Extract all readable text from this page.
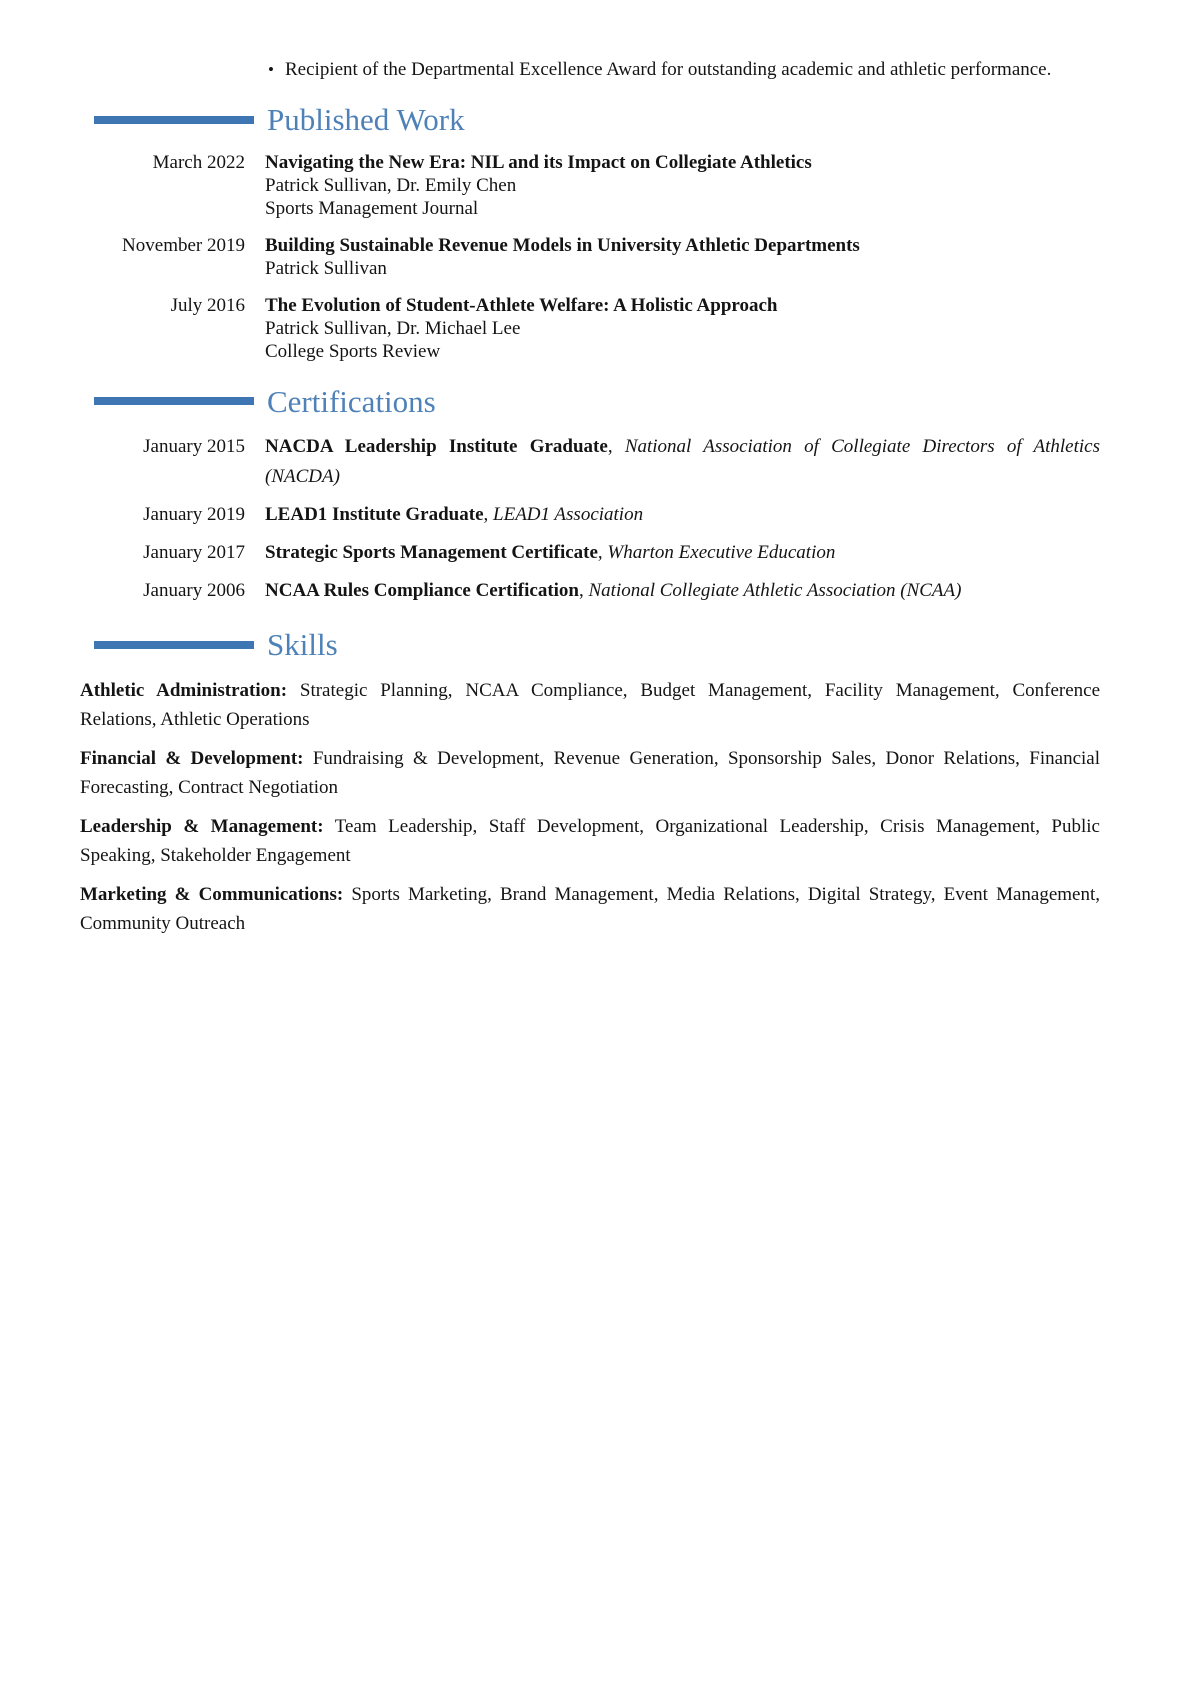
• Recipient of the Departmental Excellence Award for outstanding academic and athletic performance.
Published Work
March 2022 Navigating the New Era: NIL and its Impact on Collegiate Athletics
Patrick Sullivan, Dr. Emily Chen
Sports Management Journal
November 2019 Building Sustainable Revenue Models in University Athletic Departments
Patrick Sullivan
July 2016 The Evolution of Student-Athlete Welfare: A Holistic Approach
Patrick Sullivan, Dr. Michael Lee
College Sports Review
Certifications
January 2015 NACDA Leadership Institute Graduate, National Association of Collegiate Directors of Athletics (NACDA)
January 2019 LEAD1 Institute Graduate, LEAD1 Association
January 2017 Strategic Sports Management Certificate, Wharton Executive Education
January 2006 NCAA Rules Compliance Certification, National Collegiate Athletic Association (NCAA)
Skills

Athletic Administration: Strategic Planning, NCAA Compliance, Budget Management, Facility Management, Conference Relations, Athletic Operations

Financial & Development: Fundraising & Development, Revenue Generation, Sponsorship Sales, Donor Relations, Financial Forecasting, Contract Negotiation

Leadership & Management: Team Leadership, Staff Development, Organizational Leadership, Crisis Management, Public Speaking, Stakeholder Engagement

Marketing & Communications: Sports Marketing, Brand Management, Media Relations, Digital Strategy, Event Management, Community Outreach
